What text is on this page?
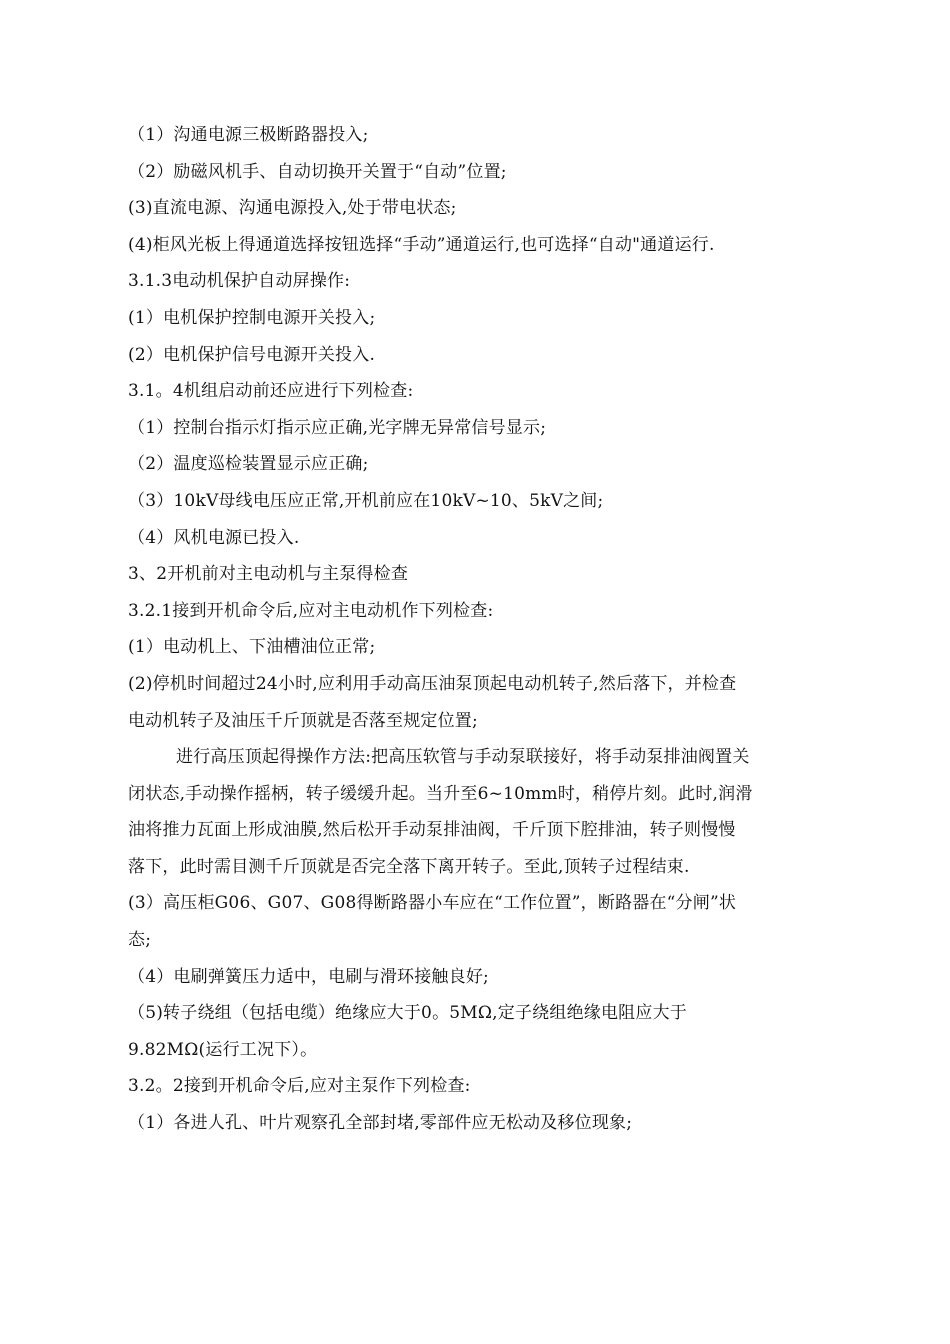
（1）沟通电源三极断路器投入;
（2）励磁风机手、自动切换开关置于“自动”位置;
(3)直流电源、沟通电源投入,处于带电状态;
(4)柜风光板上得通道选择按钮选择“手动”通道运行,也可选择“自动"通道运行.
3.1.3电动机保护自动屏操作:
(1）电机保护控制电源开关投入;
(2）电机保护信号电源开关投入.
3.1。4机组启动前还应进行下列检查:
（1）控制台指示灯指示应正确,光字牌无异常信号显示;
（2）温度巡检装置显示应正确;
（3）10kV母线电压应正常,开机前应在10kV~10、5kV之间;
（4）风机电源已投入.
3、2开机前对主电动机与主泵得检查
3.2.1接到开机命令后,应对主电动机作下列检查:
(1）电动机上、下油槽油位正常;
(2)停机时间超过24小时,应利用手动高压油泵顶起电动机转子,然后落下，并检查
电动机转子及油压千斤顶就是否落至规定位置;
进行高压顶起得操作方法:把高压软管与手动泵联接好，将手动泵排油阀置关
闭状态,手动操作摇柄，转子缓缓升起。当升至6~10mm时，稍停片刻。此时,润滑
油将推力瓦面上形成油膜,然后松开手动泵排油阀，千斤顶下腔排油，转子则慢慢
落下，此时需目测千斤顶就是否完全落下离开转子。至此,顶转子过程结束.
(3）高压柜G06、G07、G08得断路器小车应在“工作位置”，断路器在“分闸”状
态;
（4）电刷弹簧压力适中，电刷与滑环接触良好;
（5)转子绕组（包括电缆）绝缘应大于0。5MΩ,定子绕组绝缘电阻应大于
9.82MΩ(运行工况下）。
3.2。2接到开机命令后,应对主泵作下列检查:
（1）各进人孔、叶片观察孔全部封堵,零部件应无松动及移位现象;
